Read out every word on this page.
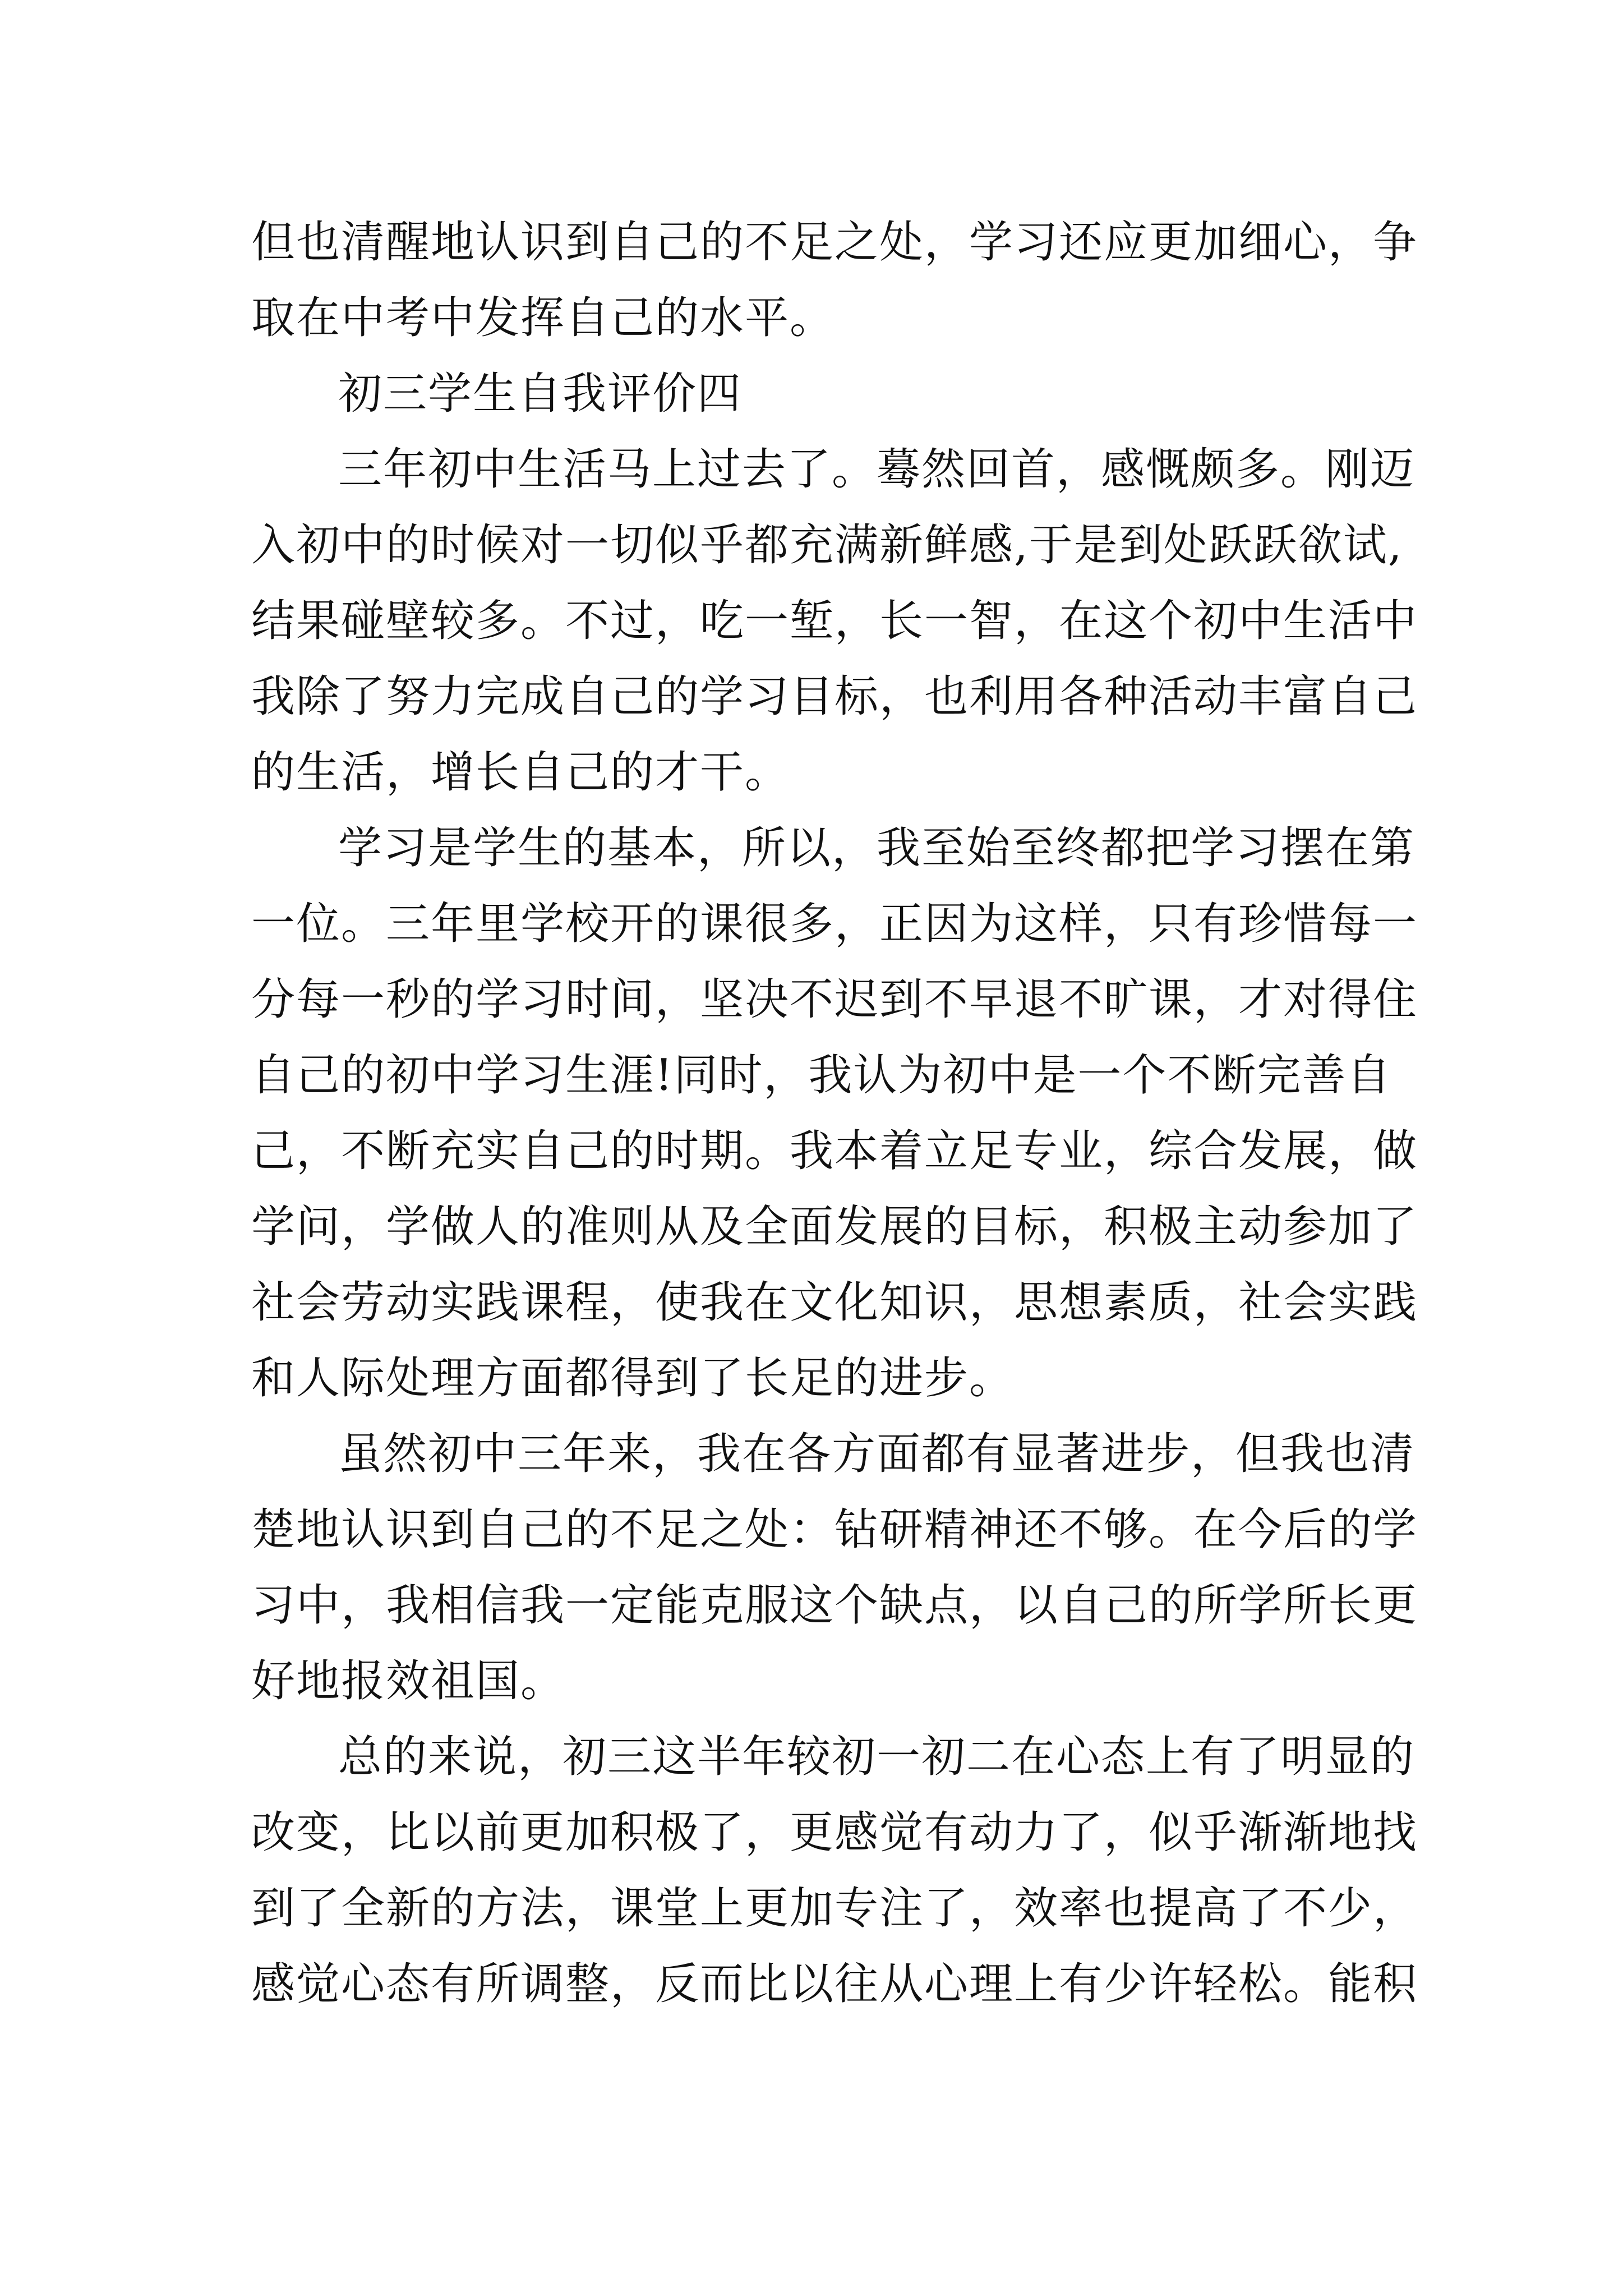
但也清醒地认识到自己的不足之处，学习还应更加细心，争
取在中考中发挥自己的水平。
初三学生自我评价四
三年初中生活马上过去了。蓦然回首，感慨颇多。刚迈
入初中的时候对一切似乎都充满新鲜感,于是到处跃跃欲试,
结果碰壁较多。不过，吃一堑，长一智，在这个初中生活中
我除了努力完成自己的学习目标，也利用各种活动丰富自己
的生活，增长自己的才干。
学习是学生的基本，所以，我至始至终都把学习摆在第
一位。三年里学校开的课很多，正因为这样，只有珍惜每一
分每一秒的学习时间，坚决不迟到不早退不旷课，才对得住
自己的初中学习生涯!同时，我认为初中是一个不断完善自
己，不断充实自己的时期。我本着立足专业，综合发展，做
学问，学做人的准则从及全面发展的目标，积极主动参加了
社会劳动实践课程，使我在文化知识，思想素质，社会实践
和人际处理方面都得到了长足的进步。
虽然初中三年来，我在各方面都有显著进步，但我也清
楚地认识到自己的不足之处：钻研精神还不够。在今后的学
习中，我相信我一定能克服这个缺点，以自己的所学所长更
好地报效祖国。
总的来说，初三这半年较初一初二在心态上有了明显的
改变，比以前更加积极了，更感觉有动力了，似乎渐渐地找
到了全新的方法，课堂上更加专注了，效率也提高了不少，
感觉心态有所调整，反而比以往从心理上有少许轻松。能积
